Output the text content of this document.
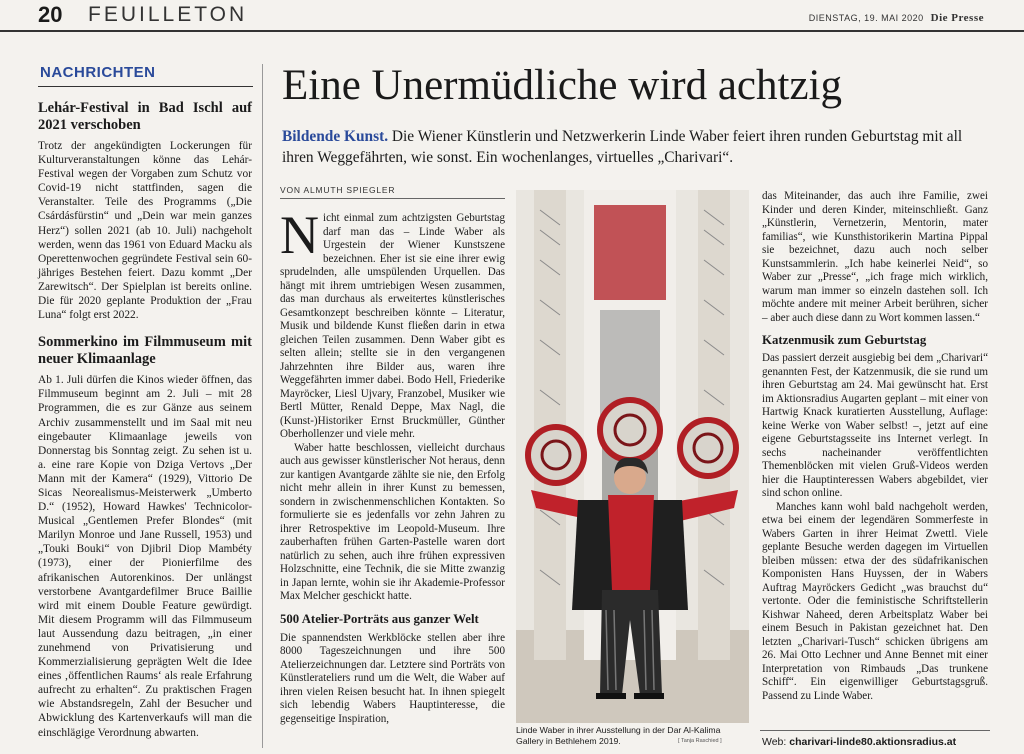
20 FEUILLETON	DIENSTAG, 19. MAI 2020 Die Presse
NACHRICHTEN
Lehár-Festival in Bad Ischl auf 2021 verschoben

Trotz der angekündigten Lockerungen für Kulturveranstaltungen könne das Lehár-Festival wegen der Vorgaben zum Schutz vor Covid-19 nicht stattfinden, sagen die Veranstalter. Teile des Programms („Die Csárdásfürstin“ und „Dein war mein ganzes Herz“) sollen 2021 (ab 10. Juli) nachgeholt werden, wenn das 1961 von Eduard Macku als Operettenwochen gegründete Festival sein 60-jähriges Bestehen feiert. Dazu kommt „Der Zarewitsch“. Der Spielplan ist bereits online. Die für 2020 geplante Produktion der „Frau Luna“ folgt erst 2022.

Sommerkino im Filmmuseum mit neuer Klimaanlage

Ab 1. Juli dürfen die Kinos wieder öffnen, das Filmmuseum beginnt am 2. Juli – mit 28 Programmen, die es zur Gänze aus seinem Archiv zusammenstellt und im Saal mit neu eingebauter Klimaanlage jeweils von Donnerstag bis Sonntag zeigt. Zu sehen ist u. a. eine rare Kopie von Dziga Vertovs „Der Mann mit der Kamera“ (1929), Vittorio De Sicas Neorealismus-Meisterwerk „Umberto D.“ (1952), Howard Hawkes' Technicolor-Musical „Gentlemen Prefer Blondes“ (mit Marilyn Monroe und Jane Russell, 1953) und „Touki Bouki“ von Djibril Diop Mambéty (1973), einer der Pionierfilme des afrikanischen Autorenkinos. Der unlängst verstorbene Avantgardefilmer Bruce Baillie wird mit einem Double Feature gewürdigt. Mit diesem Programm will das Filmmuseum laut Aussendung dazu beitragen, „in einer zunehmend von Privatisierung und Kommerzialisierung geprägten Welt die Idee eines ‚öffentlichen Raums‘ als reale Erfahrung aufrecht zu erhalten“. Zu praktischen Fragen wie Abstandsregeln, Zahl der Besucher und Abwicklung des Kartenverkaufs will man die einschlägige Verordnung abwarten.

Eine Unermüdliche wird achtzig
Bildende Kunst. Die Wiener Künstlerin und Netzwerkerin Linde Waber feiert ihren runden Geburtstag mit all ihren Weggefährten, wie sonst. Ein wochenlanges, virtuelles „Charivari“.
VON ALMUTH SPIEGLER

Nicht einmal zum achtzigsten Geburtstag darf man das – Linde Waber als Urgestein der Wiener Kunstszene bezeichnen. Eher ist sie eine ihrer ewig sprudelnden, alle umspülenden Urquellen. Das hängt mit ihrem umtriebigen Wesen zusammen, das man durchaus als erweitertes künstlerisches Gesamtkonzept beschreiben könnte – Literatur, Musik und bildende Kunst fließen darin in etwa gleichen Teilen zusammen. Denn Waber gibt es selten allein; stellte sie in den vergangenen Jahrzehnten ihre Bilder aus, waren ihre Weggefährten immer dabei. Bodo Hell, Friederike Mayröcker, Liesl Ujvary, Franzobel, Musiker wie Bertl Mütter, Renald Deppe, Max Nagl, die (Kunst-)Historiker Ernst Bruckmüller, Günther Oberhollenzer und viele mehr.

Waber hatte beschlossen, vielleicht durchaus auch aus gewisser künstlerischer Not heraus, denn zur kantigen Avantgarde zählte sie nie, den Erfolg nicht mehr allein in ihrer Kunst zu bemessen, sondern in zwischenmenschlichen Kontakten. So formulierte sie es jedenfalls vor zehn Jahren zu ihrer Retrospektive im Leopold-Museum. Ihre zauberhaften frühen Garten-Pastelle waren dort natürlich zu sehen, auch ihre frühen expressiven Holzschnitte, eine Technik, die sie Mitte zwanzig in Japan lernte, wohin sie ihr Akademie-Professor Max Melcher geschickt hatte.

500 Atelier-Porträts aus ganzer Welt

Die spannendsten Werkblöcke stellen aber ihre 8000 Tageszeichnungen und ihre 500 Atelierzeichnungen dar. Letztere sind Porträts von Künstlerateliers rund um die Welt, die Waber auf ihren vielen Reisen besucht hat. In ihnen spiegelt sich lebendig Wabers Hauptinteresse, die gegenseitige Inspiration,

Linde Waber in ihrer Ausstellung in der Dar Al-Kalima Gallery in Bethlehem 2019.	[ Tanja Raschied ]

das Miteinander, das auch ihre Familie, zwei Kinder und deren Kinder, miteinschließt. Ganz „Künstlerin, Vernetzerin, Mentorin, mater familias“, wie Kunsthistorikerin Martina Pippal sie bezeichnet, dazu auch noch selber Kunstsammlerin. „Ich habe keinerlei Neid“, so Waber zur „Presse“, „ich frage mich wirklich, warum man immer so einzeln dastehen soll. Ich möchte andere mit meiner Arbeit berühren, sicher – aber auch diese dann zu Wort kommen lassen.“

Katzenmusik zum Geburtstag

Das passiert derzeit ausgiebig bei dem „Charivari“ genannten Fest, der Katzenmusik, die sie rund um ihren Geburtstag am 24. Mai gewünscht hat. Erst im Aktionsradius Augarten geplant – mit einer von Hartwig Knack kuratierten Ausstellung, Auflage: keine Werke von Waber selbst! –, jetzt auf eine eigene Geburtstagsseite ins Internet verlegt. In sechs nacheinander veröffentlichten Themenblöcken mit vielen Gruß-Videos werden hier die Hauptinteressen Wabers abgebildet, vier sind schon online.

Manches kann wohl bald nachgeholt werden, etwa bei einem der legendären Sommerfeste in Wabers Garten in ihrer Heimat Zwettl. Viele geplante Besuche werden dagegen im Virtuellen bleiben müssen: etwa der des südafrikanischen Komponisten Hans Huyssen, der in Wabers Auftrag Mayröckers Gedicht „was brauchst du“ vertonte. Oder die feministische Schriftstellerin Kishwar Naheed, deren Arbeitsplatz Waber bei einem Besuch in Pakistan gezeichnet hat. Den letzten „Charivari-Tusch“ schicken übrigens am 26. Mai Otto Lechner und Anne Bennet mit einer Interpretation von Rimbauds „Das trunkene Schiff“. Ein eigenwilliger Geburtstagsgruß. Passend zu Linde Waber.

Web: charivari-linde80.aktionsradius.at
